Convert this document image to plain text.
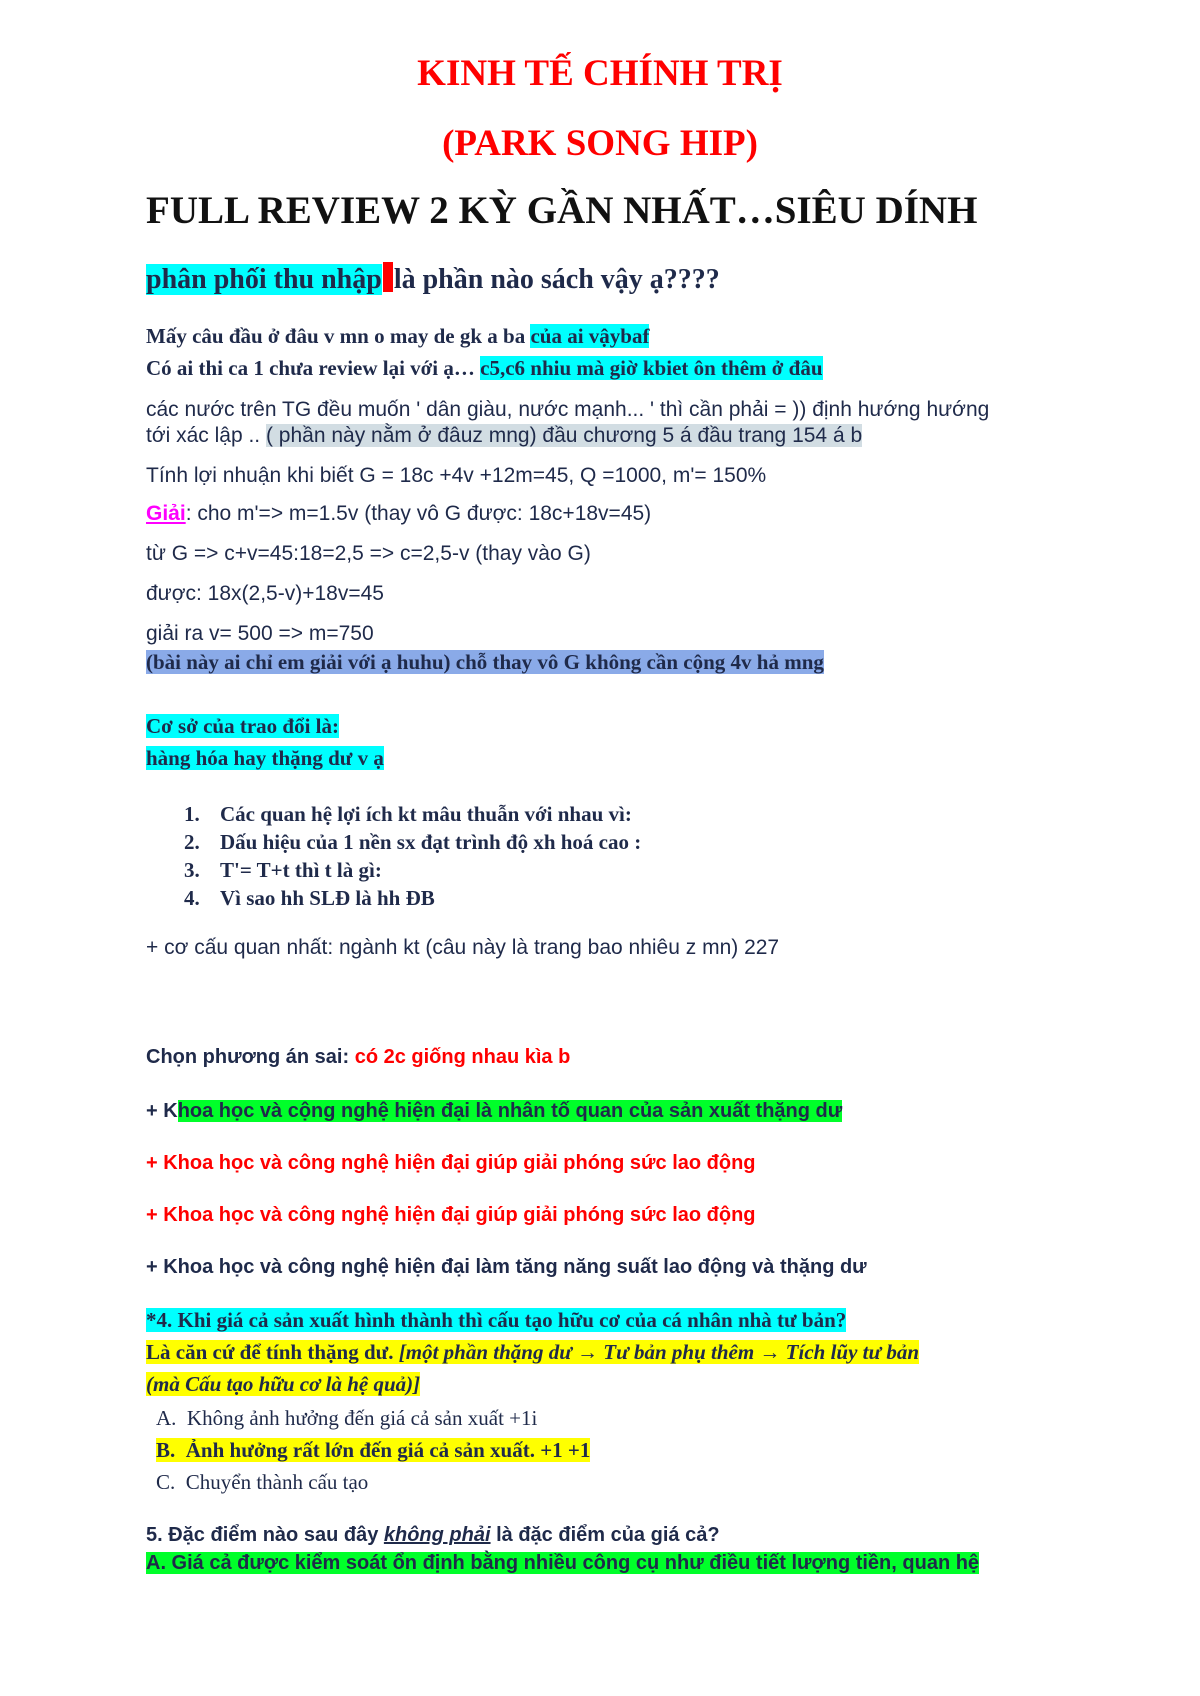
KINH TẾ CHÍNH TRỊ
(PARK SONG HIP)
FULL REVIEW 2 KỲ GẦN NHẤT…SIÊU DÍNH
phân phối thu nhập là phần nào sách vậy ạ????
Mấy câu đầu ở đâu v mn o may de gk a ba của ai vậybaf
Có ai thi ca 1 chưa review lại với ạ… c5,c6 nhiu mà giờ kbiet ôn thêm ở đâu
các nước trên TG đều muốn ' dân giàu, nước mạnh... ' thì cần phải = )) định hướng hướng
tới xác lập .. ( phần này nằm ở đâuz mng) đầu chương 5 á đầu trang 154 á b
Tính lợi nhuận khi biết G = 18c +4v +12m=45, Q =1000, m'= 150%
Giải: cho m'=> m=1.5v (thay vô G được: 18c+18v=45)
từ G => c+v=45:18=2,5 => c=2,5-v (thay vào G)
được: 18x(2,5-v)+18v=45
giải ra v= 500 => m=750
(bài này ai chỉ em giải với ạ huhu) chỗ thay vô G không cần cộng 4v hả mng
Cơ sở của trao đổi là:
hàng hóa hay thặng dư v ạ
1. Các quan hệ lợi ích kt mâu thuẫn với nhau vì:
2. Dấu hiệu của 1 nền sx đạt trình độ xh hoá cao :
3. T'= T+t thì t là gì:
4. Vì sao hh SLĐ là hh ĐB
+ cơ cấu quan nhất: ngành kt (câu này là trang bao nhiêu z mn) 227
Chọn phương án sai: có 2c giống nhau kìa b
+ Khoa học và cộng nghệ hiện đại là nhân tố quan của sản xuất thặng dư
+ Khoa học và công nghệ hiện đại giúp giải phóng sức lao động
+ Khoa học và công nghệ hiện đại giúp giải phóng sức lao động
+ Khoa học và công nghệ hiện đại làm tăng năng suất lao động và thặng dư
*4. Khi giá cả sản xuất hình thành thì cấu tạo hữu cơ của cá nhân nhà tư bản?
Là căn cứ để tính thặng dư. [một phần thặng dư → Tư bản phụ thêm → Tích lũy tư bản
(mà Cấu tạo hữu cơ là hệ quả)]
A. Không ảnh hưởng đến giá cả sản xuất +1i
B. Ảnh hưởng rất lớn đến giá cả sản xuất. +1 +1
C. Chuyển thành cấu tạo
5. Đặc điểm nào sau đây không phải là đặc điểm của giá cả?
A. Giá cả được kiểm soát ổn định bằng nhiều công cụ như điều tiết lượng tiền, quan hệ
